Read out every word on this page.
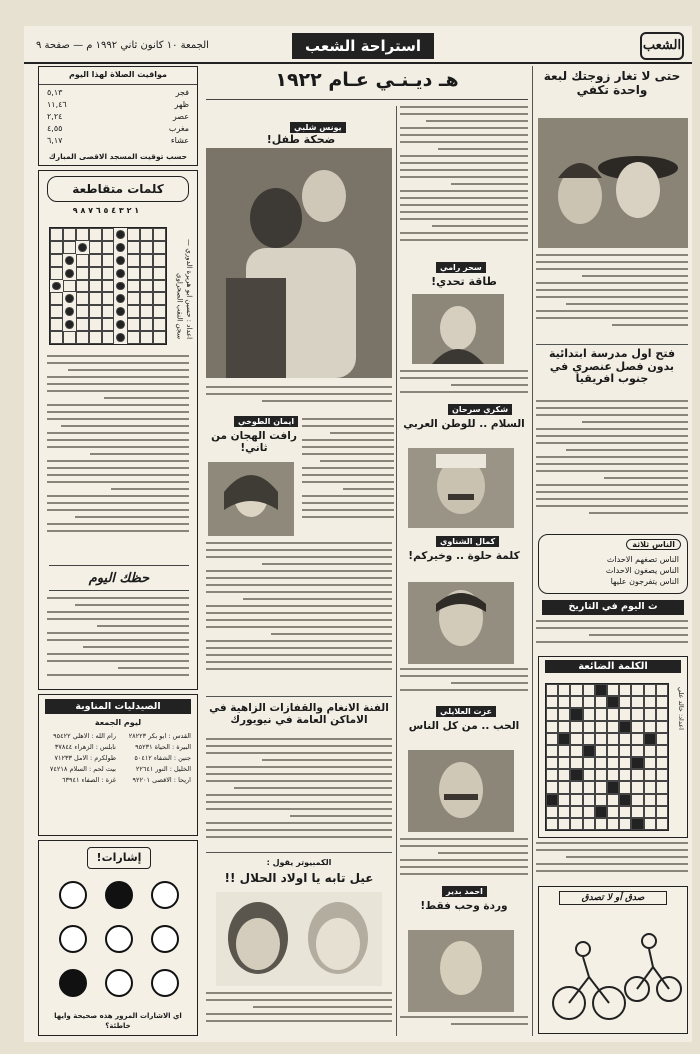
الجمعة ١٠ كانون ثاني ١٩٩٢ م — صفحة ٩	استراحة الشعب	الشعب
مواقيت الصلاة لهذا اليوم
فجر
٥,١٣
ظهر
١١,٤٦
عصر
٢,٢٤
مغرب
٤,٥٥
عشاء
٦,١٧
حسب توقيت المسجد الاقصى المبارك
كلمات متقاطعة
١ ٢ ٣ ٤ ٥ ٦ ٧ ٨ ٩
اعداد : حسين ابو هريرة الدوري — سجن النقب الصحراوي
حظك اليوم
الصيدليات المناوبة
ليوم الجمعة
القدس : ابو بكر ٢٨٢٢٣
رام الله : الاهلي ٩٥٤٢٢
البيرة : الحياة ٩٥٢٣١
نابلس : الزهراء ٣٧٨٤٤
جنين : الشفاء ٥٠٤١٢
طولكرم : الامل ٧١٢٣٣
الخليل : النور ٢٢٦٤١
بيت لحم : السلام ٧٤٢١٨
اريحا : الاقصى ٩٢٢٠١
غزة : الصفاء ٦٣٩٤١
إشارات!
اي الاشارات المرور هذه صحيحة وايها خاطئة؟
هـ ديـنـي عـام ١٩٢٢
يونس شلبي
ضحكة طفل!
سحر رامي
طاقة تحدي!
شكري سرحان
السلام .. للوطن العربي
ايمان الطوخي
رافت الهجان من ثاني!
كمال الشناوي
كلمة حلوة .. وخيركم!
عزت العلايلي
الحب .. من كل الناس
احمد بدير
وردة وحب فقط!
الفنة الانغام والقفازات الزاهية في الاماكن العامة في نيويورك
الكمبيوتر يقول :
عيل تابه يا اولاد الحلال !!
حتى لا تغار زوجتك لبعة واحدة تكفي
فتح اول مدرسة ابتدائية بدون فصل عنصري في جنوب افريقيا
الناس ثلاثة
الناس تصغهم الاحداث
الناس يصغون الاحداث
الناس يتفرجون عليها
ث اليوم في التاريخ
الكلمة الضائعة
اعداد: خالد علي
صدق أو لا تصدق
